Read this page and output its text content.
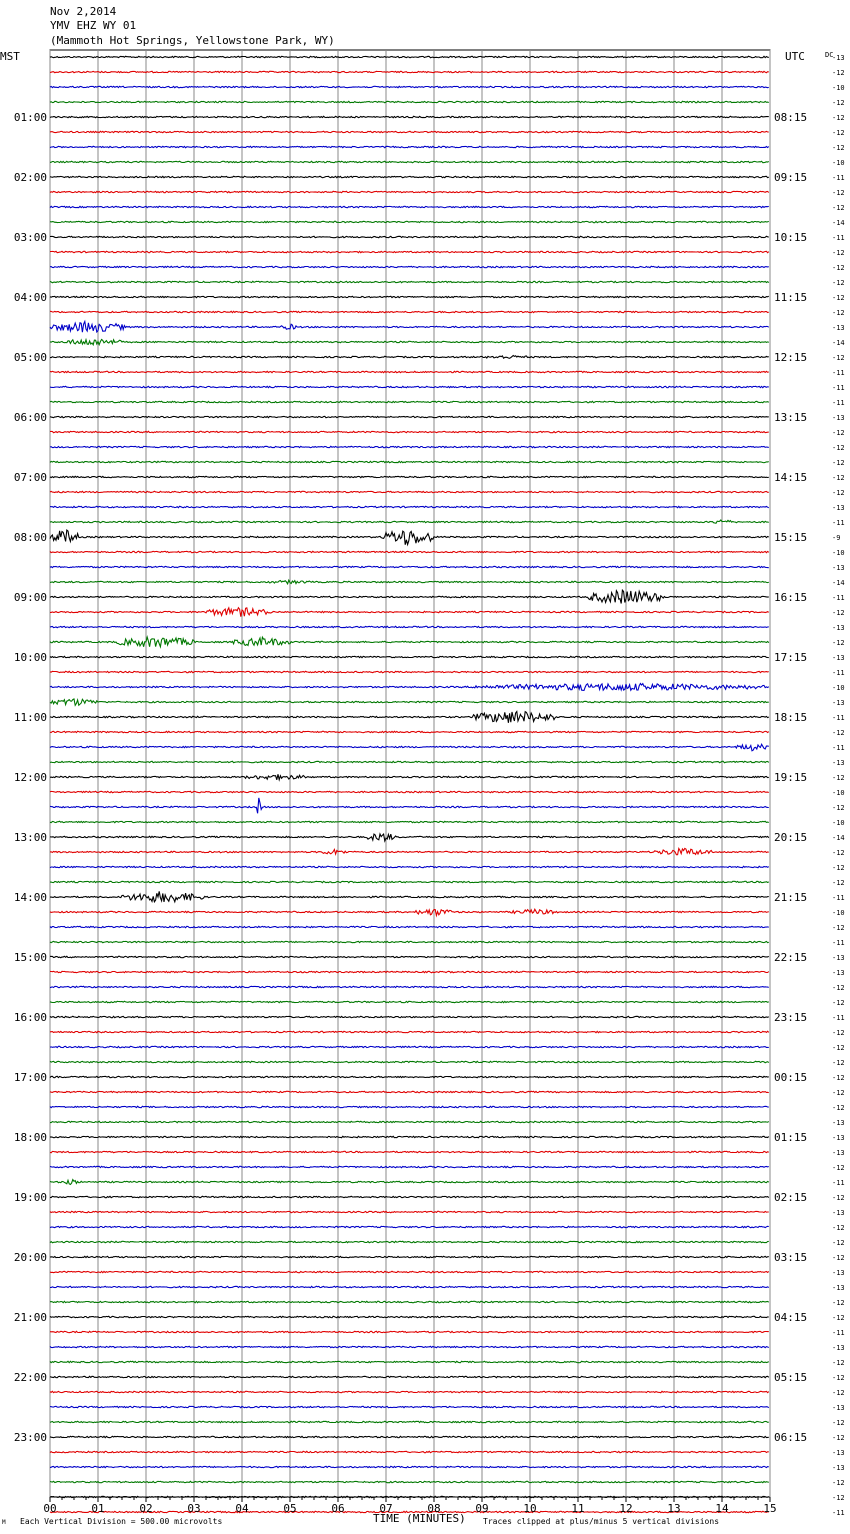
Nov 2,2014
YMV EHZ WY 01
(Mammoth Hot Springs, Yellowstone Park, WY)
01:00	08:15
02:00	09:15
03:00	10:15
04:00	11:15
05:00	12:15
06:00	13:15
07:00	14:15
08:00	15:15
09:00	16:15
10:00	17:15
11:00	18:15
12:00	19:15
13:00	20:15
14:00	21:15
15:00	22:15
16:00	23:15
17:00	00:15
18:00	01:15
19:00	02:15
20:00	03:15
21:00	04:15
22:00	05:15
23:00	06:15
-13
-12
-10
-12
-12
-12
-12
-10
-11
-12
-12
-14
-11
-12
-12
-12
-12
-12
-13
-14
-12
-11
-11
-11
-13
-12
-12
-12
-12
-12
-13
-11
-9
-10
-13
-14
-11
-12
-13
-12
-13
-11
-10
-13
-11
-12
-11
-13
-12
-10
-12
-10
-14
-12
-12
-12
-11
-10
-12
-11
-13
-13
-12
-12
-11
-12
-12
-12
-12
-12
-12
-13
-13
-13
-12
-11
-12
-13
-12
-12
-12
-13
-13
-12
-12
-11
-13
-12
-12
-12
-13
-12
-12
-13
-13
-12
-12
-11
00	01	02	03	04	05	06	07	08	09	10	11	12	13	14	15
MST	UTC	DC
M Each Vertical Division = 500.00 microvolts	TIME (MINUTES) Traces clipped at plus/minus 5 vertical divisions
